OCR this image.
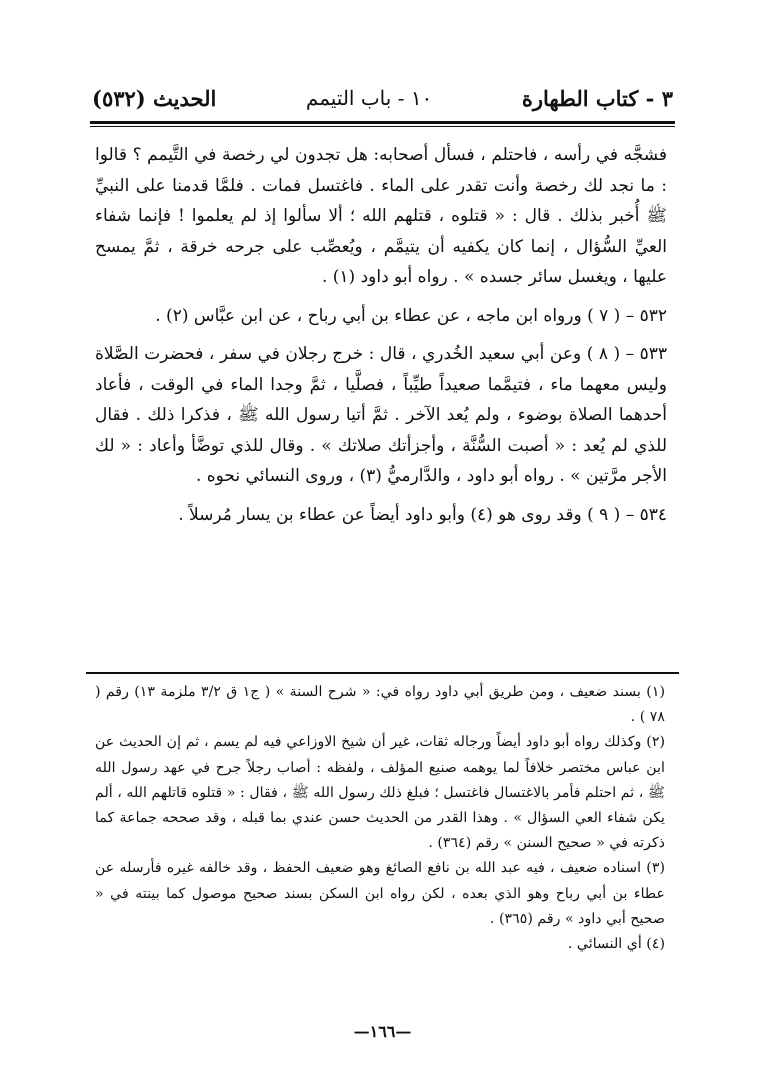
٣ - كتاب الطهارة
١٠ - باب التيمم
الحديث (٥٣٢)

فشجَّه في رأسه ، فاحتلم ، فسأل أصحابه: هل تجدون لي رخصة في التَّيمم ؟ قالوا : ما نجد لك رخصة وأنت تقدر على الماء . فاغتسل فمات . فلمَّا قدمنا على النبيِّ ﷺ أُخبر بذلك . قال : « قتلوه ، قتلهم الله ؛ ألا سألوا إذ لم يعلموا ! فإنما شفاء العيِّ السُّؤال ، إنما كان يكفيه أن يتيمَّم ، ويُعصِّب على جرحه خرقة ، ثمَّ يمسح عليها ، ويغسل سائر جسده » . رواه أبو داود (١) .

٥٣٢ – ( ٧ ) ورواه ابن ماجه ، عن عطاء بن أبي رباح ، عن ابن عبَّاس (٢) .

٥٣٣ – ( ٨ ) وعن أبي سعيد الخُدري ، قال : خرج رجلان في سفر ، فحضرت الصَّلاة وليس معهما ماء ، فتيمَّما صعيداً طيِّباً ، فصلَّيا ، ثمَّ وجدا الماء في الوقت ، فأعاد أحدهما الصلاة بوضوء ، ولم يُعد الآخر . ثمَّ أتيا رسول الله ﷺ ، فذكرا ذلك . فقال للذي لم يُعد : « أصبت السُّنَّة ، وأجزأتك صلاتك » . وقال للذي توضَّأ وأعاد : « لك الأجر مرَّتين » . رواه أبو داود ، والدَّارميُّ (٣) ، وروى النسائي نحوه .

٥٣٤ – ( ٩ ) وقد روى هو (٤) وأبو داود أيضاً عن عطاء بن يسار مُرسلاً .

(١) بسند ضعيف ، ومن طريق أبي داود رواه في: « شرح السنة » ( ج١ ق ٣/٢ ملزمة ١٣) رقم ( ٧٨ ) .

(٢) وكذلك رواه أبو داود أيضاً ورجاله ثقات، غير أن شيخ الاوزاعي فيه لم يسم ، ثم إن الحديث عن ابن عباس مختصر خلافاً لما يوهمه صنيع المؤلف ، ولفظه : أصاب رجلاً جرح في عهد رسول الله ﷺ ، ثم احتلم فأمر بالاغتسال فاغتسل ؛ فبلغ ذلك رسول الله ﷺ ، فقال : « قتلوه قاتلهم الله ، ألم يكن شفاء العي السؤال » . وهذا القدر من الحديث حسن عندي بما قبله ، وقد صححه جماعة كما ذكرته في « صحيح السنن » رقم (٣٦٤) .

(٣) اسناده ضعيف ، فيه عبد الله بن نافع الصائغ وهو ضعيف الحفظ ، وقد خالفه غيره فأرسله عن عطاء بن أبي رباح وهو الذي بعده ، لكن رواه ابن السكن بسند صحيح موصول كما بينته في « صحيح أبي داود » رقم (٣٦٥) .

(٤) أي النسائي .

—١٦٦—
